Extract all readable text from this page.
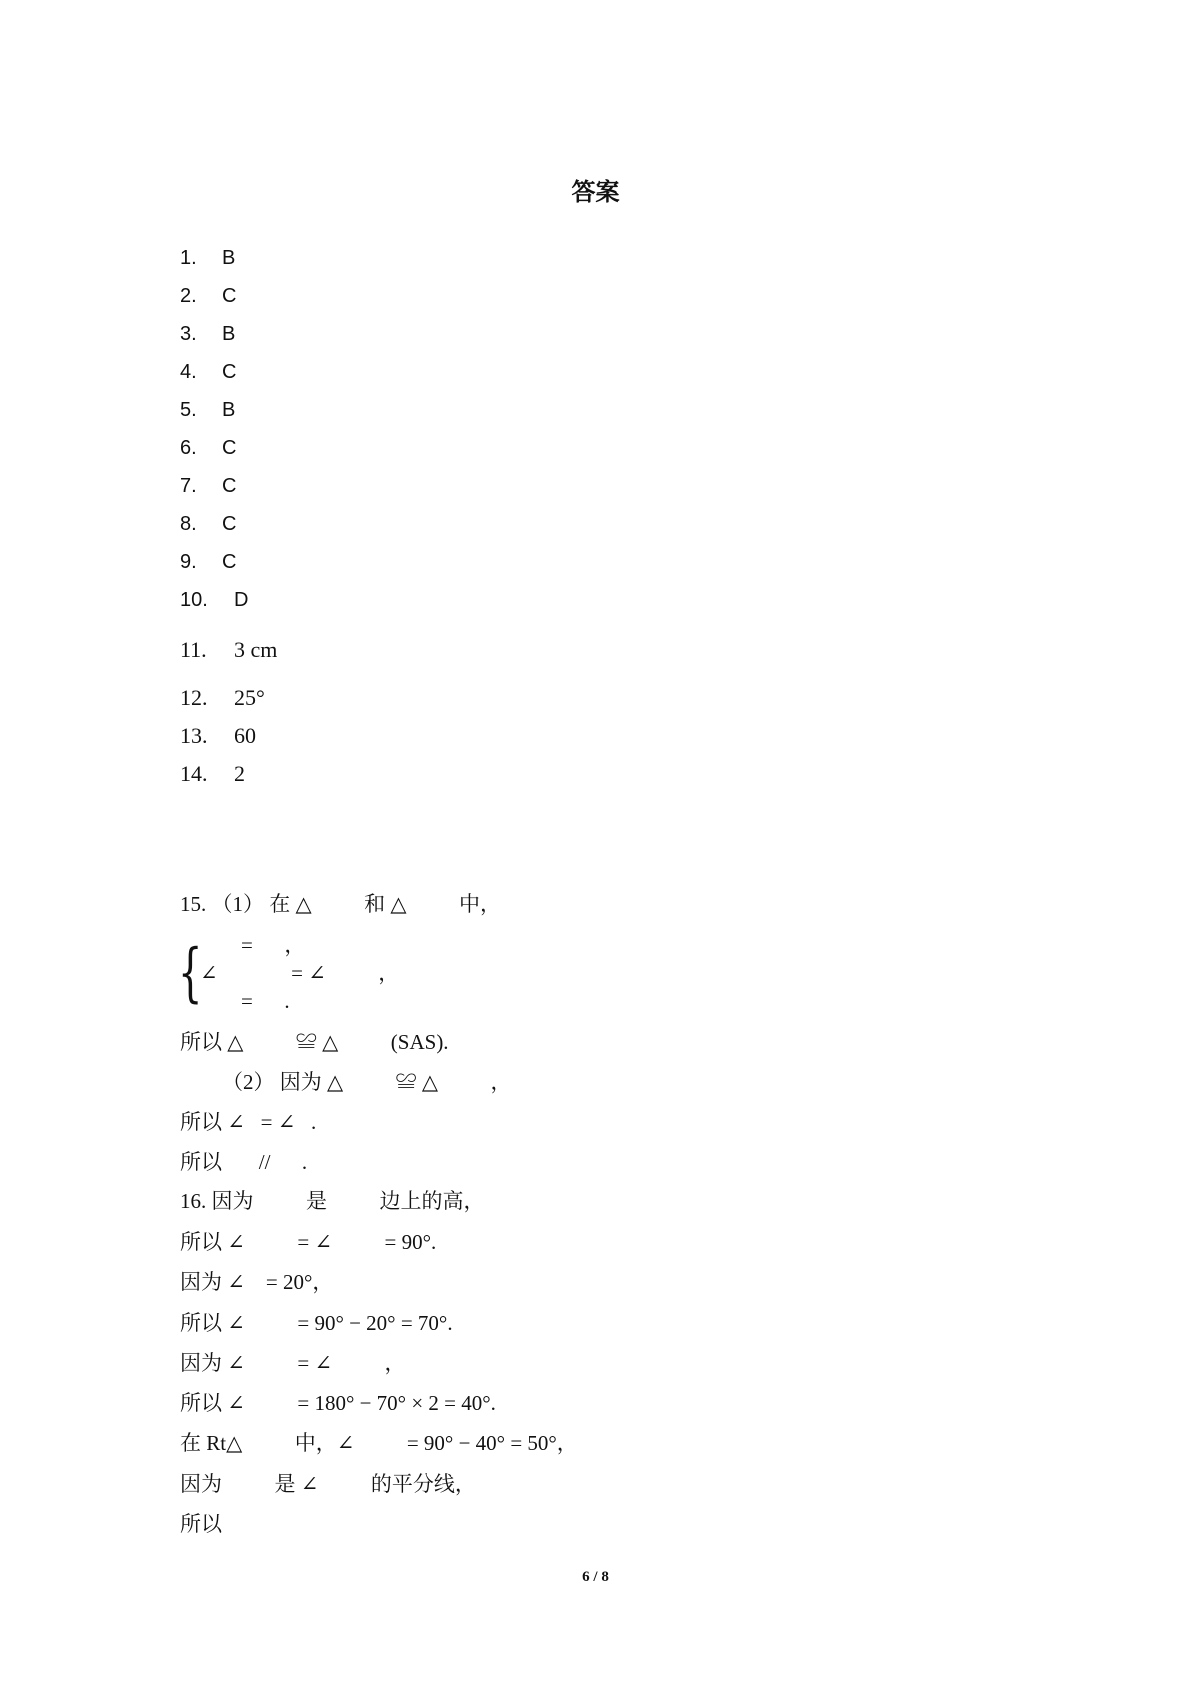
答案
1. B
2. C
3. B
4. C
5. B
6. C
7. C
8. C
9. C
10. D
11. 3 cm
12. 25°
13. 60
14. 2
15. （1） 在 △          和 △          中，
{ =      ，
∠              = ∠          ，
=      .
所以 △          ≌ △          (SAS).
（2） 因为 △          ≌ △          ，
所以 ∠   = ∠   .
所以       //      .
16. 因为          是          边上的高，
所以 ∠          = ∠          = 90°.
因为 ∠    = 20°，
所以 ∠          = 90° − 20° = 70°.
因为 ∠          = ∠          ，
所以 ∠          = 180° − 70° × 2 = 40°.
在 Rt△          中，∠          = 90° − 40° = 50°，
因为          是 ∠          的平分线，
所以
6 / 8
